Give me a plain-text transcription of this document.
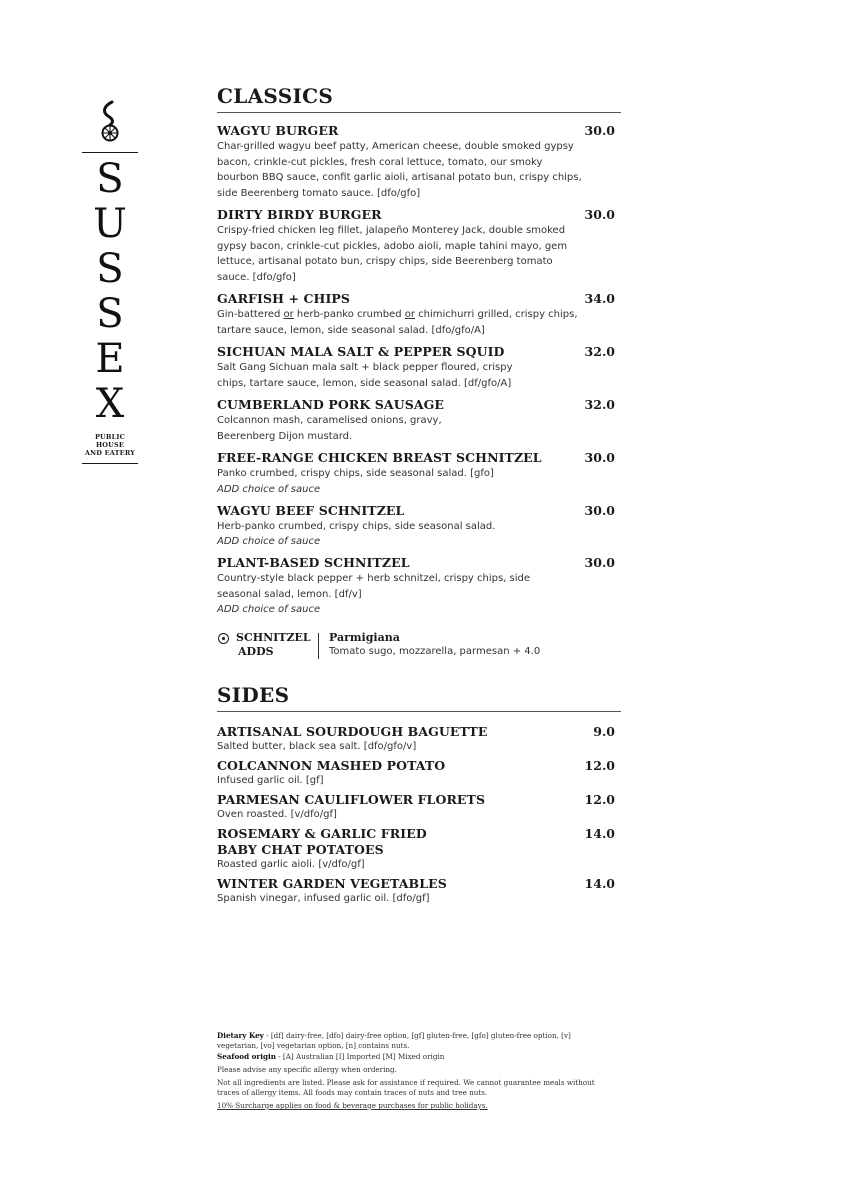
S
U
S
S
E
X
PUBLIC HOUSE
AND EATERY
CLASSICS
WAGYU BURGER	30.0
Char-grilled wagyu beef patty, American cheese, double smoked gypsy bacon, crinkle-cut pickles, fresh coral lettuce, tomato, our smoky bourbon BBQ sauce, confit garlic aioli, artisanal potato bun, crispy chips, side Beerenberg tomato sauce. [dfo/gfo]
DIRTY BIRDY BURGER	30.0
Crispy-fried chicken leg fillet, jalapeño Monterey Jack, double smoked gypsy bacon, crinkle-cut pickles, adobo aioli, maple tahini mayo, gem lettuce, artisanal potato bun, crispy chips, side Beerenberg tomato sauce. [dfo/gfo]
GARFISH + CHIPS	34.0
Gin-battered or herb-panko crumbed or chimichurri grilled, crispy chips, tartare sauce, lemon, side seasonal salad. [dfo/gfo/A]
SICHUAN MALA SALT & PEPPER SQUID	32.0
Salt Gang Sichuan mala salt + black pepper floured, crispy chips, tartare sauce, lemon, side seasonal salad. [df/gfo/A]
CUMBERLAND PORK SAUSAGE	32.0
Colcannon mash, caramelised onions, gravy, Beerenberg Dijon mustard.
FREE-RANGE CHICKEN BREAST SCHNITZEL	30.0
Panko crumbed, crispy chips, side seasonal salad. [gfo]
ADD choice of sauce
WAGYU BEEF SCHNITZEL	30.0
Herb-panko crumbed, crispy chips, side seasonal salad.
ADD choice of sauce
PLANT-BASED SCHNITZEL	30.0
Country-style black pepper + herb schnitzel, crispy chips, side seasonal salad, lemon. [df/v]
ADD choice of sauce
SCHNITZEL
ADDS
Parmigiana
Tomato sugo, mozzarella, parmesan + 4.0
SIDES
ARTISANAL SOURDOUGH BAGUETTE	9.0
Salted butter, black sea salt. [dfo/gfo/v]
COLCANNON MASHED POTATO	12.0
Infused garlic oil. [gf]
PARMESAN CAULIFLOWER FLORETS	12.0
Oven roasted. [v/dfo/gf]
ROSEMARY & GARLIC FRIED
BABY CHAT POTATOES
14.0
Roasted garlic aioli. [v/dfo/gf]
WINTER GARDEN VEGETABLES	14.0
Spanish vinegar, infused garlic oil. [dfo/gf]

Dietary Key - [df] dairy-free, [dfo] dairy-free option, [gf] gluten-free, [gfo] gluten-free option, [v] vegetarian, [vo] vegetarian option, [n] contains nuts.

Seafood origin - [A] Australian [I] Imported [M] Mixed origin

Please advise any specific allergy when ordering.

Not all ingredients are listed. Please ask for assistance if required. We cannot guarantee meals without traces of allergy items. All foods may contain traces of nuts and tree nuts.

10% Surcharge applies on food & beverage purchases for public holidays.
